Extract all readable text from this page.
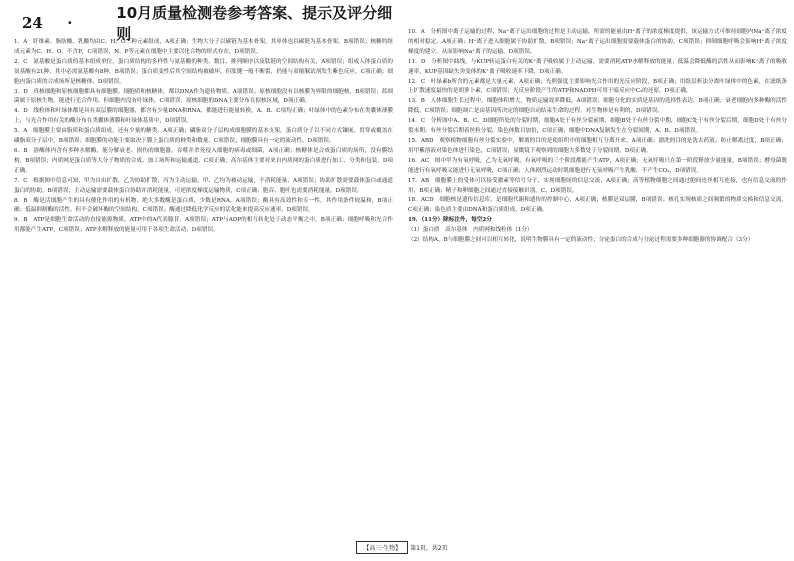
24	·
10月质量检测卷参考答案、提示及评分细则

1．A　纤维素、脂肪酸、乳酸均由C、H、O三种元素组成，A项正确；生物大分子以碳链为基本骨架，其单体也以碳链为基本骨架，B项错误；核糖的组成元素为C、H、O，不含P，C项错误；N、P等元素在细胞中主要以化合物的形式存在，D项错误。

2．C　氨基酸是蛋白质的基本组成单位，蛋白质结构的多样性与氨基酸的种类、数目、排列顺序以及肽链的空间结构有关，A项错误；组成人体蛋白质的氨基酸有21种，其中必需氨基酸有8种，B项错误；蛋白质变性后其空间结构被破坏，但肽键一般不断裂，仍能与双缩脲试剂发生紫色反应，C项正确；细胞内蛋白质的合成场所是核糖体，D项错误。

3．D　真核细胞和原核细胞都具有细胞膜、细胞质和核糖体，都以DNA作为遗传物质，A项错误；原核细胞没有以核膜为界限的细胞核，B项错误；蓝细菌属于原核生物，能进行光合作用，但细胞内没有叶绿体，C项错误；原核细胞的DNA主要分布在拟核区域，D项正确。

4．D　线粒体和叶绿体都是具有双层膜的细胞器，都含有少量DNA和RNA，都能进行能量转换，A、B、C项均正确；叶绿体中的色素分布在类囊体薄膜上，与光合作用有关的酶分布在类囊体薄膜和叶绿体基质中，D项错误。

5．A　细胞膜主要由脂质和蛋白质组成，还有少量的糖类，A项正确；磷脂双分子层构成细胞膜的基本支架，蛋白质分子以不同方式镶嵌、贯穿或覆盖在磷脂双分子层中，B项错误；细胞膜的功能主要取决于膜上蛋白质的种类和数量，C项错误；细胞膜具有一定的流动性，D项错误。

6．B　溶酶体内含有多种水解酶，能分解衰老、损伤的细胞器，吞噬并杀死侵入细胞的病毒或细菌，A项正确；核糖体是合成蛋白质的场所，没有膜结构，B项错误；内质网是蛋白质等大分子物质的合成、加工场所和运输通道，C项正确；高尔基体主要对来自内质网的蛋白质进行加工、分类和包装，D项正确。

7．C　根据图中信息可知，甲为自由扩散，乙为协助扩散，丙为主动运输，甲、乙均为被动运输，不消耗能量，A项错误；协助扩散需要载体蛋白或通道蛋白的协助，B项错误；主动运输需要载体蛋白协助并消耗能量，可逆浓度梯度运输物质，C项正确；胞吞、胞吐也需要消耗能量，D项错误。

8．B　酶是活细胞产生的具有催化作用的有机物，绝大多数酶是蛋白质，少数是RNA，A项错误；酶具有高效性和专一性，其作用条件较温和，B项正确；低温抑制酶的活性，但不会破坏酶的空间结构，C项错误；酶通过降低化学反应的活化能来提高反应速率，D项错误。

9．B　ATP是细胞生命活动的直接能源物质，ATP中的A代表腺苷，A项错误；ATP与ADP的相互转化处于动态平衡之中，B项正确；细胞呼吸和光合作用都能产生ATP，C项错误；ATP水解释放的能量可用于各项生命活动，D项错误。

10．A　分析图中离子运输的过程，Na⁺离子运出细胞的过程是主动运输，所需的能量由H⁺离子的浓度梯度提供，该运输方式可维持细胞内Na⁺离子浓度的相对稳定，A项正确；H⁺离子进入细胞属于协助扩散，B项错误；Na⁺离子运出细胞需要载体蛋白的协助，C项错误；抑制细胞呼吸会影响H⁺离子浓度梯度的建立，从而影响Na⁺离子的运输，D项错误。

11．D　分析图中曲线，与KUP转运蛋白有关的K⁺离子吸收属于主动运输，需要消耗ATP水解释放的能量；低温会降低酶的活性从而影响K⁺离子的吸收速率，KUP基因缺失突变体的K⁺离子吸收速率下降，D项正确。

12．C　叶绿素b所含的元素都是大量元素，A项正确；光照强度主要影响光合作用的光反应阶段，B项正确；用纸层析法分离叶绿体中的色素，在滤纸条上扩散速度最快的是胡萝卜素，C项错误；光反应阶段产生的ATP和NADPH可用于暗反应中C₃的还原，D项正确。

13．B　人体细胞生长过程中，细胞体积增大，物质运输效率降低，A项错误；细胞分化的实质是基因的选择性表达，B项正确；衰老细胞内多种酶的活性降低，C项错误；细胞凋亡是由基因所决定的细胞自动结束生命的过程，对生物体是有利的，D项错误。

14．C　分析图中A、B、C、D细胞所处的分裂时期，细胞A处于有丝分裂前期，细胞B处于有丝分裂中期，细胞C处于有丝分裂后期，细胞D处于有丝分裂末期；有丝分裂后期着丝粒分裂，染色体数目加倍，C项正确；细胞中DNA复制发生在分裂间期，A、B、D项错误。

15．ABD　观察植物细胞有丝分裂实验中，解离的目的是使组织中的细胞相互分离开来，A项正确；漂洗的目的是洗去药液，防止解离过度，B项正确；用甲紫溶液对染色体进行染色，C项错误；显微镜下观察到的细胞大多数处于分裂间期，D项正确。

16．AC　图中甲为有氧呼吸，乙为无氧呼吸，有氧呼吸的三个阶段都能产生ATP，A项正确；无氧呼吸只在第一阶段释放少量能量，B项错误；酵母菌既能进行有氧呼吸又能进行无氧呼吸，C项正确；人体剧烈运动时肌细胞进行无氧呼吸产生乳酸，不产生CO₂，D项错误。

17．AB　细胞膜上的受体可以接受激素等信号分子，实现细胞间的信息交流，A项正确；高等植物细胞之间通过胞间连丝相互连接，也有信息交流的作用，B项正确；精子和卵细胞之间通过直接接触识别，C、D项错误。

18．ACD　细胞核是遗传信息库，是细胞代谢和遗传的控制中心，A项正确；核膜是双层膜，B项错误；核孔实现核质之间频繁的物质交换和信息交流，C项正确；染色质主要由DNA和蛋白质组成，D项正确。

19．（11分）除标注外，每空2分

（1）蛋白质　高尔基体　内质网和线粒体（1分）

（2）结构A、B与细胞膜之间可以相互转化，说明生物膜具有一定的流动性；分泌蛋白的合成与分泌过程需要多种细胞器的协调配合（3分）

【高三·生物】 第1页，共2页
